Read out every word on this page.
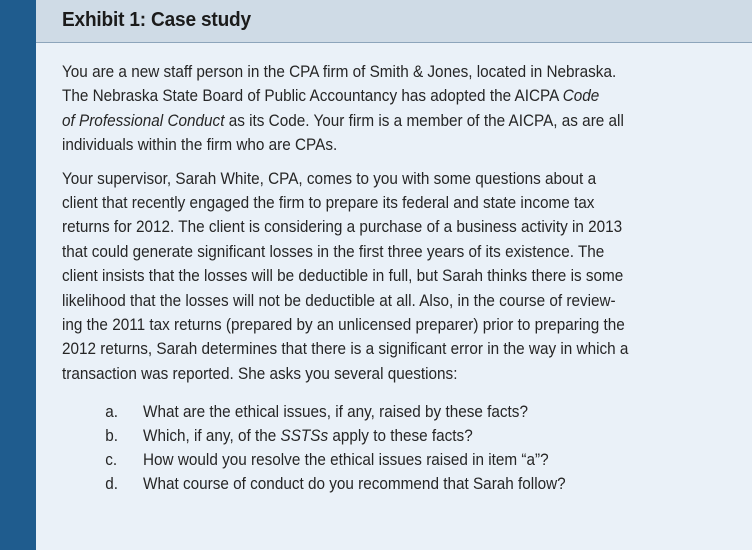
Exhibit 1: Case study

You are a new staff person in the CPA firm of Smith & Jones, located in Nebraska.
The Nebraska State Board of Public Accountancy has adopted the AICPA Code
of Professional Conduct as its Code. Your firm is a member of the AICPA, as are all
individuals within the firm who are CPAs.

Your supervisor, Sarah White, CPA, comes to you with some questions about a
client that recently engaged the firm to prepare its federal and state income tax
returns for 2012. The client is considering a purchase of a business activity in 2013
that could generate significant losses in the first three years of its existence. The
client insists that the losses will be deductible in full, but Sarah thinks there is some
likelihood that the losses will not be deductible at all. Also, in the course of review-
ing the 2011 tax returns (prepared by an unlicensed preparer) prior to preparing the
2012 returns, Sarah determines that there is a significant error in the way in which a
transaction was reported. She asks you several questions:

a. What are the ethical issues, if any, raised by these facts?
b. Which, if any, of the SSTSs apply to these facts?
c. How would you resolve the ethical issues raised in item “a”?
d. What course of conduct do you recommend that Sarah follow?
